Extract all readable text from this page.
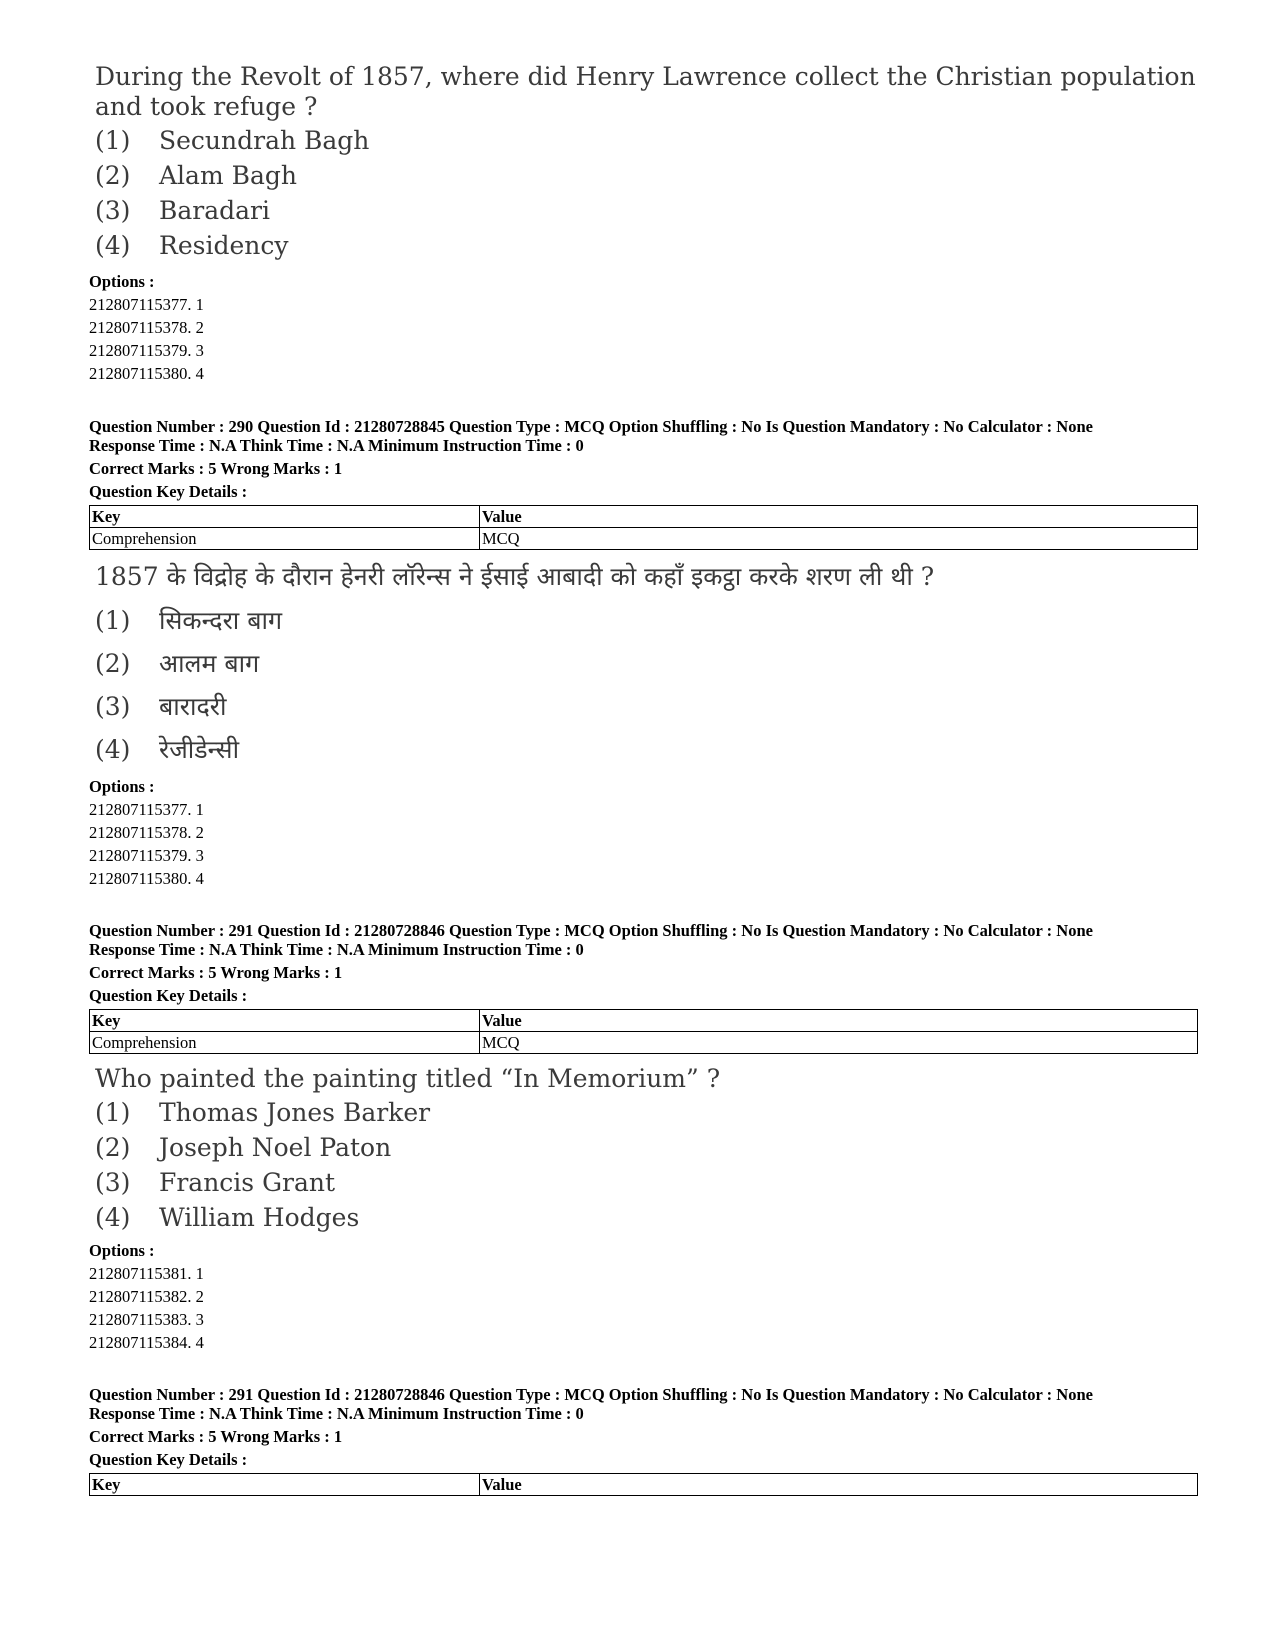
During the Revolt of 1857, where did Henry Lawrence collect the Christian population and took refuge ?
(1)	Secundrah Bagh
(2)	Alam Bagh
(3)	Baradari
(4)	Residency
Options :
212807115377. 1
212807115378. 2
212807115379. 3
212807115380. 4
Question Number : 290 Question Id : 21280728845 Question Type : MCQ Option Shuffling : No Is Question Mandatory : No Calculator : None
Response Time : N.A Think Time : N.A Minimum Instruction Time : 0
Correct Marks : 5 Wrong Marks : 1
Question Key Details :
Key	Value
Comprehension	MCQ
1857 के विद्रोह के दौरान हेनरी लॉरेन्स ने ईसाई आबादी को कहाँ इकट्ठा करके शरण ली थी ?
(1)	सिकन्दरा बाग
(2)	आलम बाग
(3)	बारादरी
(4)	रेजीडेन्सी
Options :
212807115377. 1
212807115378. 2
212807115379. 3
212807115380. 4
Question Number : 291 Question Id : 21280728846 Question Type : MCQ Option Shuffling : No Is Question Mandatory : No Calculator : None
Response Time : N.A Think Time : N.A Minimum Instruction Time : 0
Correct Marks : 5 Wrong Marks : 1
Question Key Details :
Key	Value
Comprehension	MCQ
Who painted the painting titled “In Memorium” ?
(1)	Thomas Jones Barker
(2)	Joseph Noel Paton
(3)	Francis Grant
(4)	William Hodges
Options :
212807115381. 1
212807115382. 2
212807115383. 3
212807115384. 4
Question Number : 291 Question Id : 21280728846 Question Type : MCQ Option Shuffling : No Is Question Mandatory : No Calculator : None
Response Time : N.A Think Time : N.A Minimum Instruction Time : 0
Correct Marks : 5 Wrong Marks : 1
Question Key Details :
Key	Value
